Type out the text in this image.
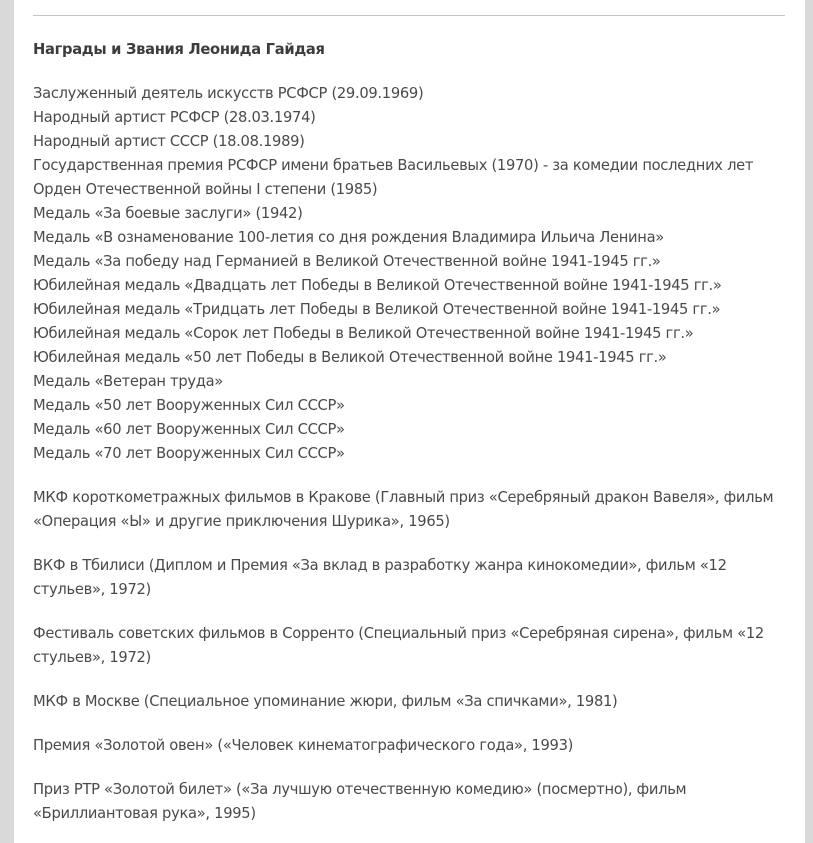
Награды и Звания Леонида Гайдая

Заслуженный деятель искусств РСФСР (29.09.1969)
Народный артист РСФСР (28.03.1974)
Народный артист СССР (18.08.1989)
Государственная премия РСФСР имени братьев Васильевых (1970) - за комедии последних лет
Орден Отечественной войны I степени (1985)
Медаль «За боевые заслуги» (1942)
Медаль «В ознаменование 100-летия со дня рождения Владимира Ильича Ленина»
Медаль «За победу над Германией в Великой Отечественной войне 1941-1945 гг.»
Юбилейная медаль «Двадцать лет Победы в Великой Отечественной войне 1941-1945 гг.»
Юбилейная медаль «Тридцать лет Победы в Великой Отечественной войне 1941-1945 гг.»
Юбилейная медаль «Сорок лет Победы в Великой Отечественной войне 1941-1945 гг.»
Юбилейная медаль «50 лет Победы в Великой Отечественной войне 1941-1945 гг.»
Медаль «Ветеран труда»
Медаль «50 лет Вооруженных Сил СССР»
Медаль «60 лет Вооруженных Сил СССР»
Медаль «70 лет Вооруженных Сил СССР»

МКФ короткометражных фильмов в Кракове (Главный приз «Серебряный дракон Вавеля», фильм «Операция «Ы» и другие приключения Шурика», 1965)

ВКФ в Тбилиси (Диплом и Премия «За вклад в разработку жанра кинокомедии», фильм «12 стульев», 1972)

Фестиваль советских фильмов в Сорренто (Специальный приз «Серебряная сирена», фильм «12 стульев», 1972)

МКФ в Москве (Специальное упоминание жюри, фильм «За спичками», 1981)

Премия «Золотой овен» («Человек кинематографического года», 1993)

Приз РТР «Золотой билет» («За лучшую отечественную комедию» (посмертно), фильм «Бриллиантовая рука», 1995)
